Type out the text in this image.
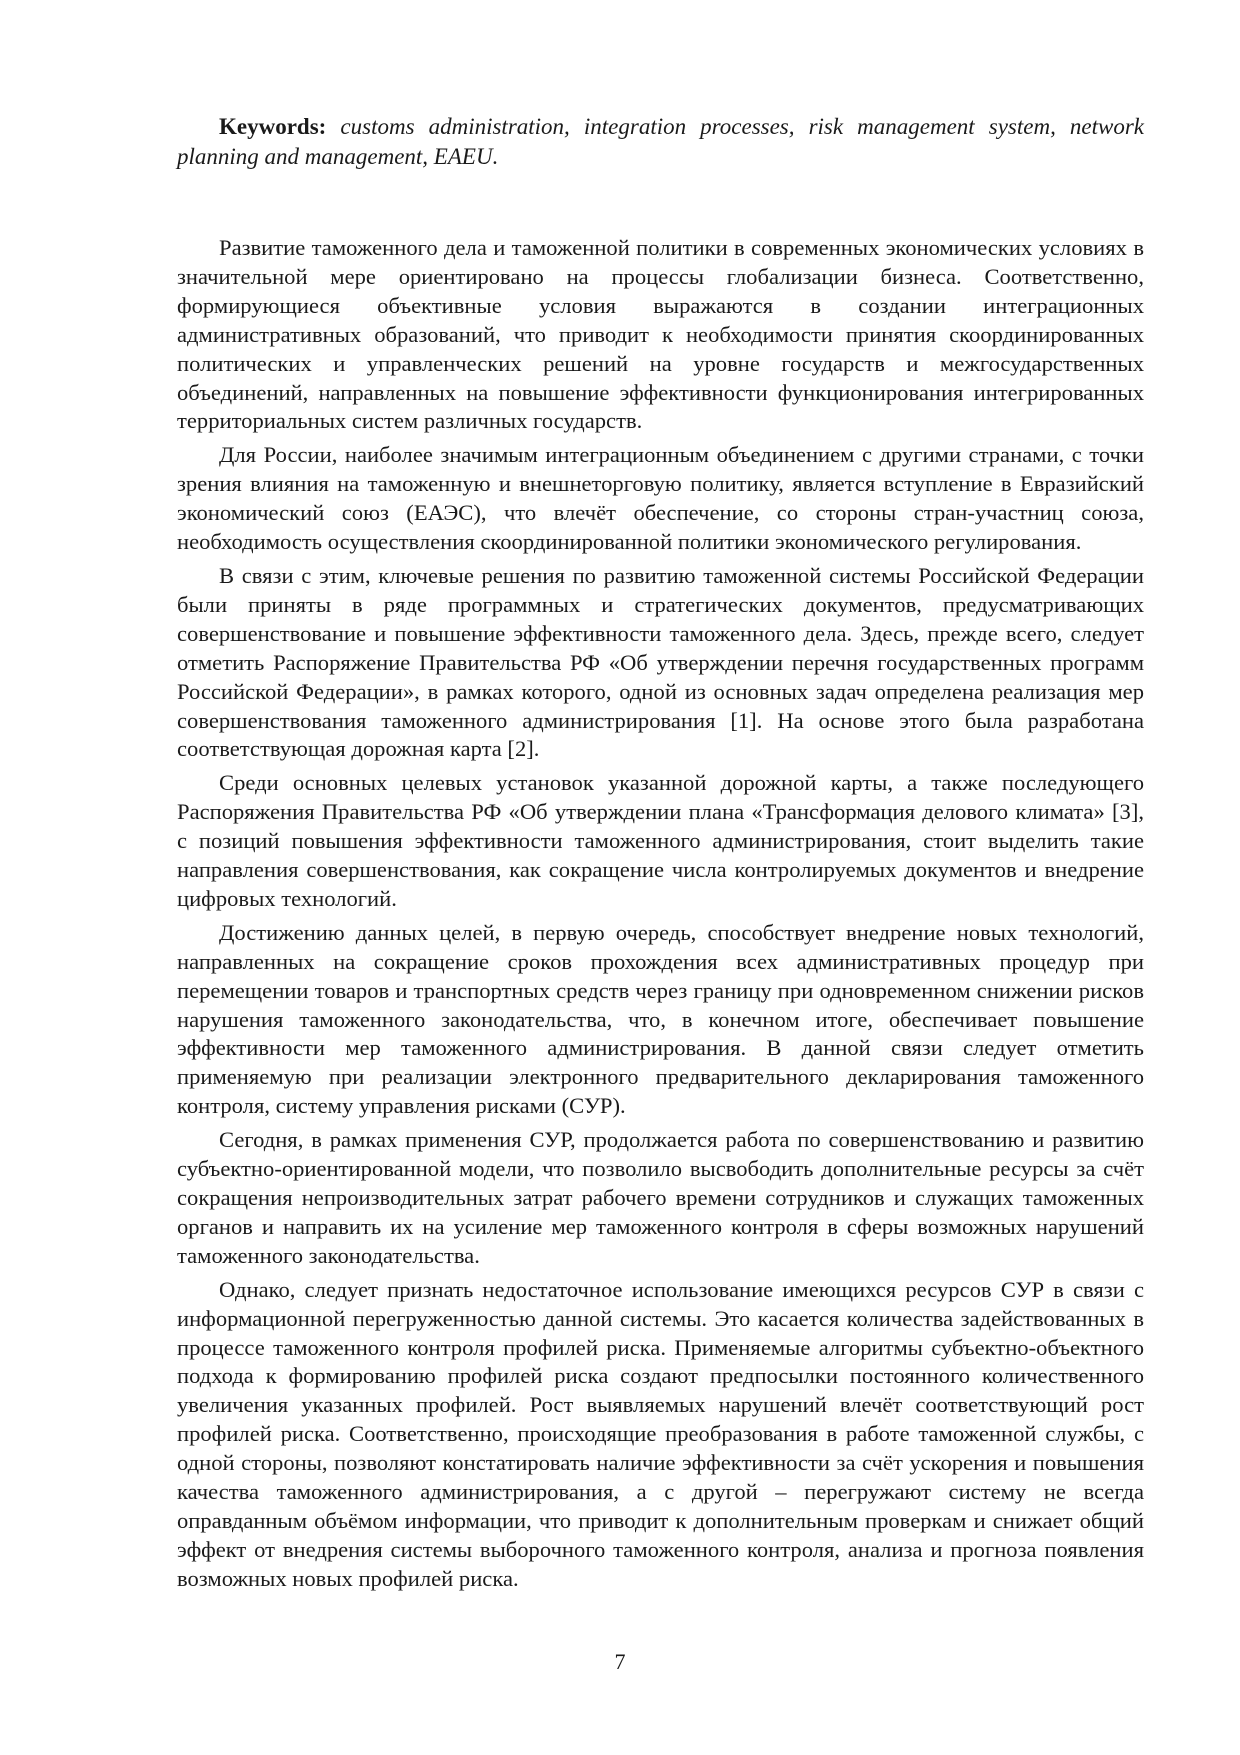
Keywords: customs administration, integration processes, risk management system, network planning and management, EAEU.

Развитие таможенного дела и таможенной политики в современных экономических условиях в значительной мере ориентировано на процессы глобализации бизнеса. Соответственно, формирующиеся объективные условия выражаются в создании интеграционных административных образований, что приводит к необходимости принятия скоординированных политических и управленческих решений на уровне государств и межгосударственных объединений, направленных на повышение эффективности функционирования интегрированных территориальных систем различных государств.

Для России, наиболее значимым интеграционным объединением с другими странами, с точки зрения влияния на таможенную и внешнеторговую политику, является вступление в Евразийский экономический союз (ЕАЭС), что влечёт обеспечение, со стороны стран-участниц союза, необходимость осуществления скоординированной политики экономического регулирования.

В связи с этим, ключевые решения по развитию таможенной системы Российской Федерации были приняты в ряде программных и стратегических документов, предусматривающих совершенствование и повышение эффективности таможенного дела. Здесь, прежде всего, следует отметить Распоряжение Правительства РФ «Об утверждении перечня государственных программ Российской Федерации», в рамках которого, одной из основных задач определена реализация мер совершенствования таможенного администрирования [1]. На основе этого была разработана соответствующая дорожная карта [2].

Среди основных целевых установок указанной дорожной карты, а также последующего Распоряжения Правительства РФ «Об утверждении плана «Трансформация делового климата» [3], с позиций повышения эффективности таможенного администрирования, стоит выделить такие направления совершенствования, как сокращение числа контролируемых документов и внедрение цифровых технологий.

Достижению данных целей, в первую очередь, способствует внедрение новых технологий, направленных на сокращение сроков прохождения всех административных процедур при перемещении товаров и транспортных средств через границу при одновременном снижении рисков нарушения таможенного законодательства, что, в конечном итоге, обеспечивает повышение эффективности мер таможенного администрирования. В данной связи следует отметить применяемую при реализации электронного предварительного декларирования таможенного контроля, систему управления рисками (СУР).

Сегодня, в рамках применения СУР, продолжается работа по совершенствованию и развитию субъектно-ориентированной модели, что позволило высвободить дополнительные ресурсы за счёт сокращения непроизводительных затрат рабочего времени сотрудников и служащих таможенных органов и направить их на усиление мер таможенного контроля в сферы возможных нарушений таможенного законодательства.

Однако, следует признать недостаточное использование имеющихся ресурсов СУР в связи с информационной перегруженностью данной системы. Это касается количества задействованных в процессе таможенного контроля профилей риска. Применяемые алгоритмы субъектно-объектного подхода к формированию профилей риска создают предпосылки постоянного количественного увеличения указанных профилей. Рост выявляемых нарушений влечёт соответствующий рост профилей риска. Соответственно, происходящие преобразования в работе таможенной службы, с одной стороны, позволяют констатировать наличие эффективности за счёт ускорения и повышения качества таможенного администрирования, а с другой – перегружают систему не всегда оправданным объёмом информации, что приводит к дополнительным проверкам и снижает общий эффект от внедрения системы выборочного таможенного контроля, анализа и прогноза появления возможных новых профилей риска.

7
